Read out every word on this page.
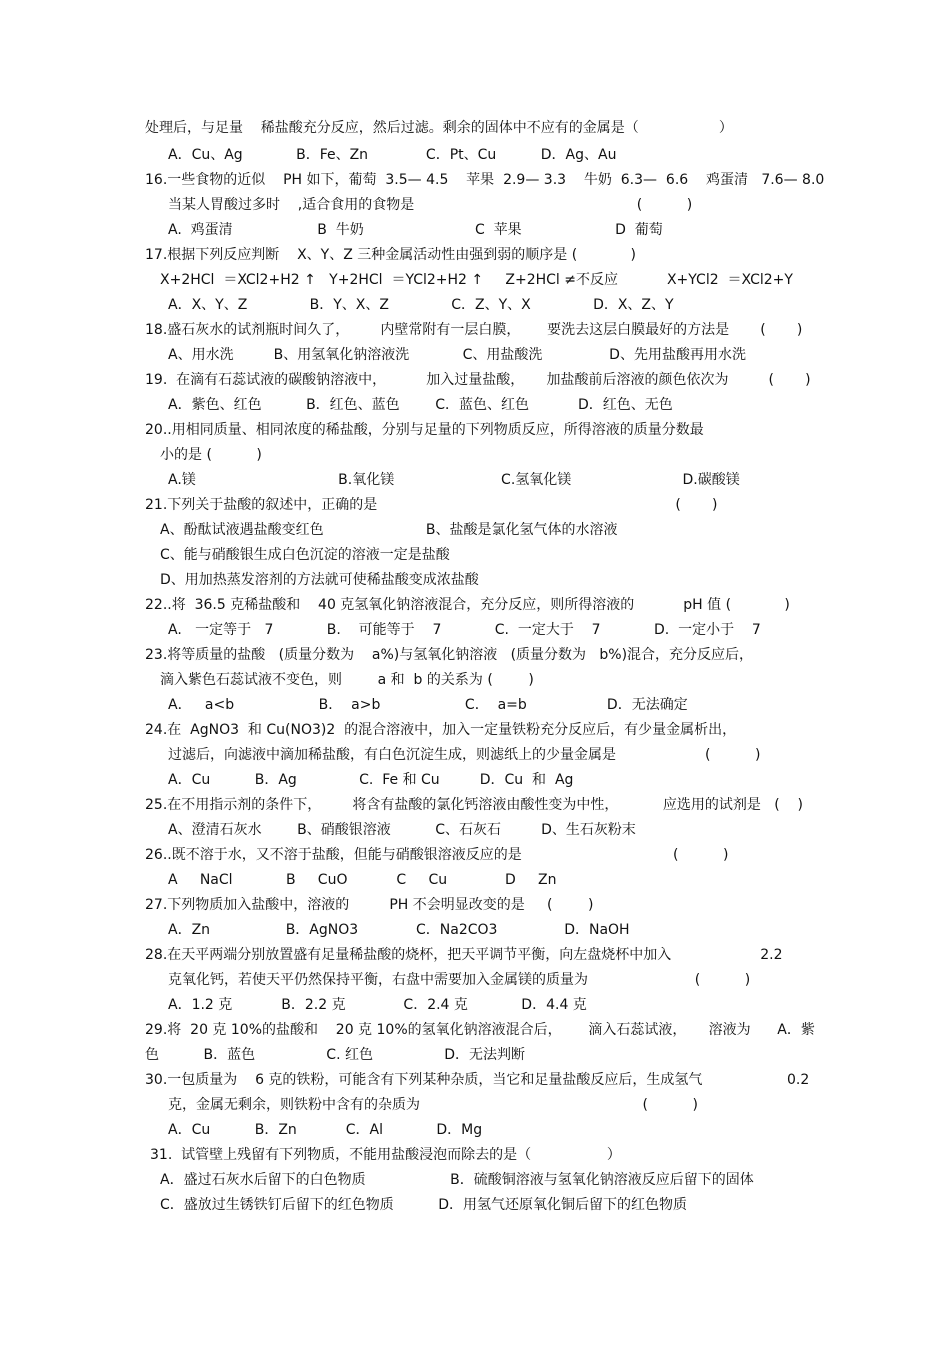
处理后，与足量    稀盐酸充分反应，然后过滤。剩余的固体中不应有的金属是（                  ）
A．Cu、Ag            B．Fe、Zn             C．Pt、Cu          D．Ag、Au
16.一些食物的近似    PH 如下，葡萄  3.5— 4.5    苹果  2.9— 3.3    牛奶  6.3—  6.6    鸡蛋清   7.6— 8.0
当某人胃酸过多时    ,适合食用的食物是                                                  (          )
A.  鸡蛋清                   B  牛奶                         C  苹果                     D  葡萄
17.根据下列反应判断    X、Y、Z 三种金属活动性由强到弱的顺序是 (            )
X+2HCl  ＝XCl2+H2 ↑   Y+2HCl  ＝YCl2+H2 ↑     Z+2HCl ≠不反应           X+YCl2  ＝XCl2+Y
A．X、Y、Z              B．Y、X、Z              C．Z、Y、X              D．X、Z、Y
18.盛石灰水的试剂瓶时间久了，       内壁常附有一层白膜，      要洗去这层白膜最好的方法是       (       )
A、用水洗         B、用氢氧化钠溶液洗            C、用盐酸洗               D、先用盐酸再用水洗
19.  在滴有石蕊试液的碳酸钠溶液中，         加入过量盐酸，     加盐酸前后溶液的颜色依次为         (       )
A．紫色、红色          B．红色、蓝色        C．蓝色、红色           D．红色、无色
20..用相同质量、相同浓度的稀盐酸，分别与足量的下列物质反应，所得溶液的质量分数最
小的是 (          )
A.镁                                B.氧化镁                        C.氢氧化镁                         D.碳酸镁
21.下列关于盐酸的叙述中，正确的是                                                                   (       )
A、酚酞试液遇盐酸变红色                       B、盐酸是氯化氢气体的水溶液
C、能与硝酸银生成白色沉淀的溶液一定是盐酸
D、用加热蒸发溶剂的方法就可使稀盐酸变成浓盐酸
22..将  36.5 克稀盐酸和    40 克氢氧化钠溶液混合，充分反应，则所得溶液的           pH 值 (            )
A.   一定等于   7            B.    可能等于    7            C.  一定大于    7            D.  一定小于    7
23.将等质量的盐酸   (质量分数为    a%)与氢氧化钠溶液   (质量分数为   b%)混合，充分反应后，
滴入紫色石蕊试液不变色，则        a 和  b 的关系为 (        )
A．   a<b                   B．  a>b                   C．  a=b                  D．无法确定
24.在  AgNO3  和 Cu(NO3)2  的混合溶液中，加入一定量铁粉充分反应后，有少量金属析出，
过滤后，向滤液中滴加稀盐酸，有白色沉淀生成，则滤纸上的少量金属是                    (          )
A．Cu          B．Ag              C.  Fe 和 Cu         D．Cu  和  Ag
25.在不用指示剂的条件下，       将含有盐酸的氯化钙溶液由酸性变为中性，          应选用的试剂是   (    )
A、澄清石灰水        B、硝酸银溶液          C、石灰石         D、生石灰粉末
26..既不溶于水，又不溶于盐酸，但能与硝酸银溶液反应的是                                  (          )
A     NaCl            B     CuO           C     Cu             D     Zn
27.下列物质加入盐酸中，溶液的         PH 不会明显改变的是     (        )
A．Zn                 B．AgNO3             C．Na2CO3               D．NaOH
28.在天平两端分别放置盛有足量稀盐酸的烧杯，把天平调节平衡，向左盘烧杯中加入                    2.2
克氧化钙，若使天平仍然保持平衡，右盘中需要加入金属镁的质量为                        (          )
A．1.2 克           B．2.2 克             C．2.4 克            D．4.4 克
29.将  20 克 10%的盐酸和    20 克 10%的氢氧化钠溶液混合后，      滴入石蕊试液，     溶液为      A．紫
色          B．蓝色                C. 红色                D．无法判断
30.一包质量为    6 克的铁粉，可能含有下列某种杂质，当它和足量盐酸反应后，生成氢气                   0.2
克，金属无剩余，则铁粉中含有的杂质为                                                  (          )
A．Cu          B．Zn           C．Al            D．Mg
31.  试管壁上残留有下列物质，不能用盐酸浸泡而除去的是（                 ）
A．盛过石灰水后留下的白色物质                   B．硫酸铜溶液与氢氧化钠溶液反应后留下的固体
C．盛放过生锈铁钉后留下的红色物质          D．用氢气还原氧化铜后留下的红色物质
